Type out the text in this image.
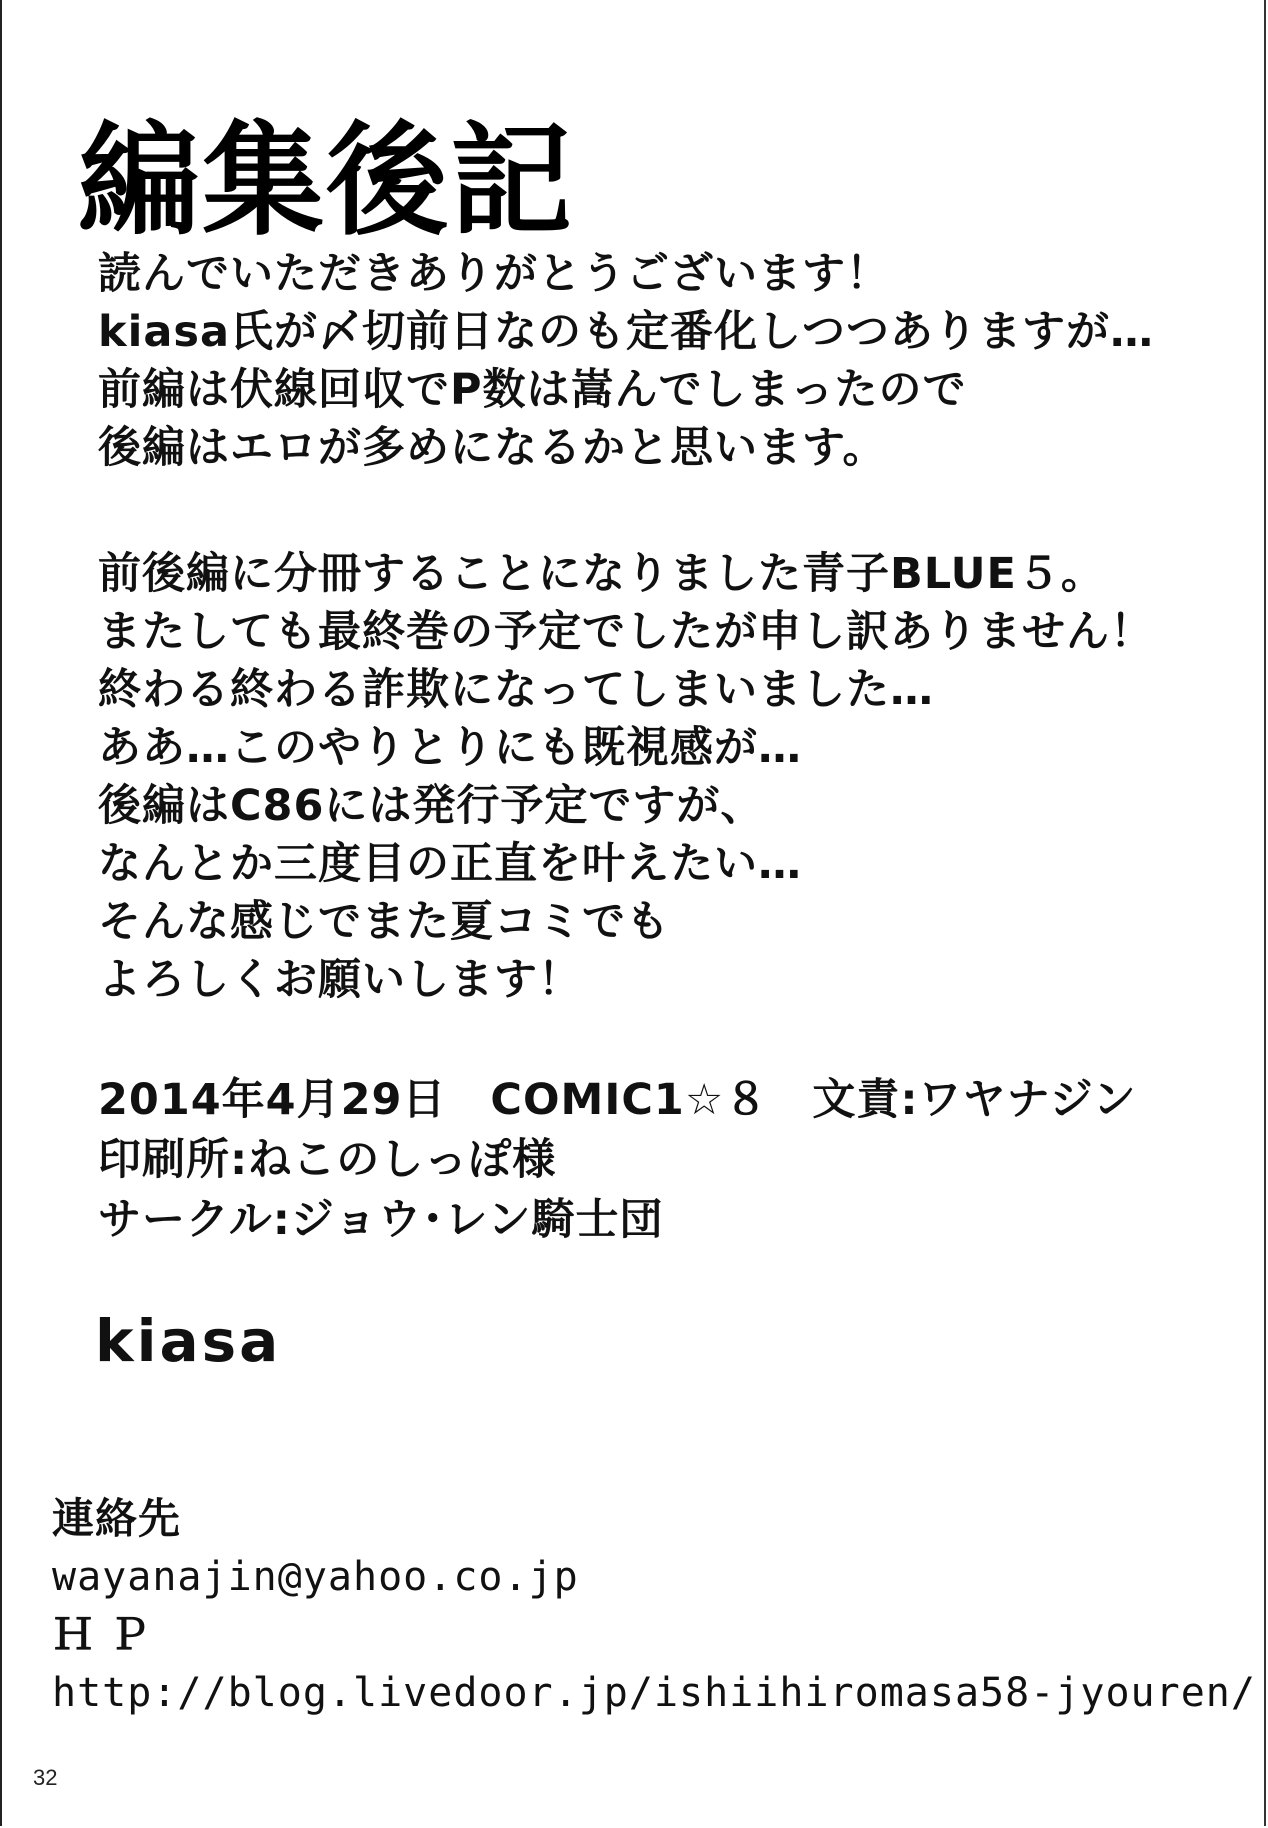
編集後記
読んでいただきありがとうございます！
kiasa氏が〆切前日なのも定番化しつつありますが…
前編は伏線回収でP数は嵩んでしまったので
後編はエロが多めになるかと思います。
前後編に分冊することになりました青子BLUE５。
またしても最終巻の予定でしたが申し訳ありません！
終わる終わる詐欺になってしまいました…
ああ…このやりとりにも既視感が…
後編はC86には発行予定ですが、
なんとか三度目の正直を叶えたい…
そんな感じでまた夏コミでも
よろしくお願いします！
2014年4月29日　COMIC1☆８　文責:ワヤナジン
印刷所:ねこのしっぽ様
サークル:ジョウ･レン騎士団
kiasa
連絡先
wayanajin@yahoo.co.jp
ＨＰ
http://blog.livedoor.jp/ishiihiromasa58-jyouren/
32
